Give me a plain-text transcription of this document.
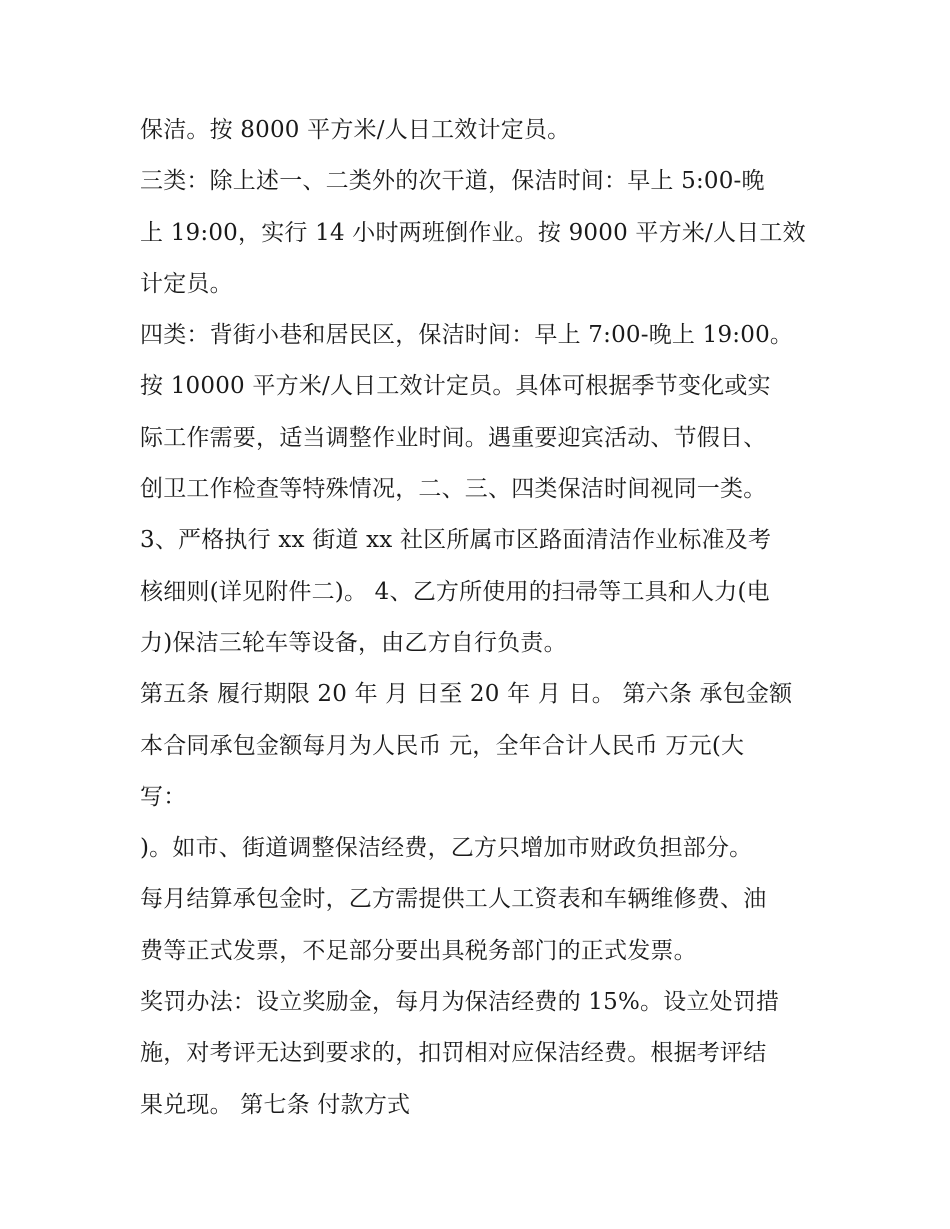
保洁。按 8000 平方米/人日工效计定员。
三类：除上述一、二类外的次干道，保洁时间：早上 5:00-晚
上 19:00，实行 14 小时两班倒作业。按 9000 平方米/人日工效
计定员。
四类：背街小巷和居民区，保洁时间：早上 7:00-晚上 19:00。
按 10000 平方米/人日工效计定员。具体可根据季节变化或实
际工作需要，适当调整作业时间。遇重要迎宾活动、节假日、
创卫工作检查等特殊情况，二、三、四类保洁时间视同一类。
3、严格执行 xx 街道 xx 社区所属市区路面清洁作业标准及考
核细则(详见附件二)。 4、乙方所使用的扫帚等工具和人力(电
力)保洁三轮车等设备，由乙方自行负责。
第五条 履行期限 20 年 月 日至 20 年 月 日。 第六条 承包金额
本合同承包金额每月为人民币 元，全年合计人民币 万元(大
写：
)。如市、街道调整保洁经费，乙方只增加市财政负担部分。
每月结算承包金时，乙方需提供工人工资表和车辆维修费、油
费等正式发票，不足部分要出具税务部门的正式发票。
奖罚办法：设立奖励金，每月为保洁经费的 15%。设立处罚措
施，对考评无达到要求的，扣罚相对应保洁经费。根据考评结
果兑现。 第七条 付款方式
